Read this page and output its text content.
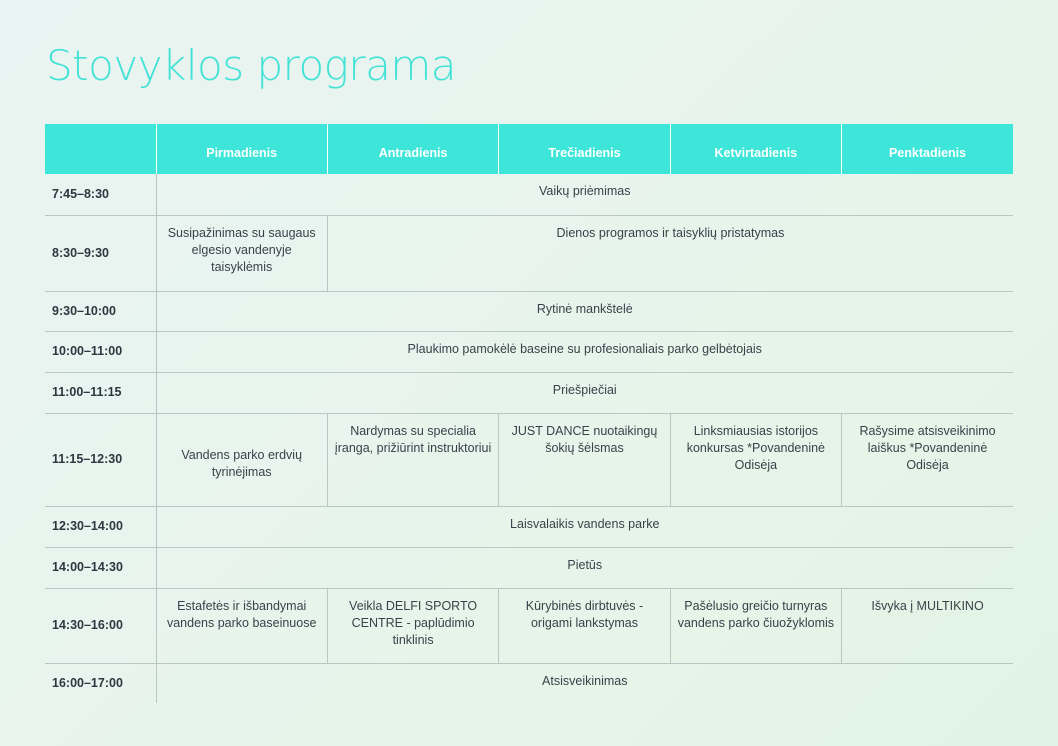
Stovyklos programa
	Pirmadienis	Antradienis	Trečiadienis	Ketvirtadienis	Penktadienis
7:45–8:30	Vaikų priėmimas				
8:30–9:30	Susipažinimas su saugaus elgesio vandenyje taisyklėmis	Dienos programos ir taisyklių pristatymas			
9:30–10:00	Rytinė mankštelė				
10:00–11:00	Plaukimo pamokėlė baseine su profesionaliais parko gelbėtojais				
11:00–11:15	Priešpiečiai				
11:15–12:30	Vandens parko erdvių tyrinėjimas	Nardymas su specialia įranga, prižiūrint instruktoriui	JUST DANCE nuotaikingų šokių šėlsmas	Linksmiausias istorijos konkursas *Povandeninė Odisėja	Rašysime atsisveikinimo laiškus *Povandeninė Odisėja
12:30–14:00	Laisvalaikis vandens parke				
14:00–14:30	Pietūs				
14:30–16:00	Estafetės ir išbandymai vandens parko baseinuose	Veikla DELFI SPORTO CENTRE - paplūdimio tinklinis	Kūrybinės dirbtuvės - origami lankstymas	Pašėlusio greičio turnyras vandens parko čiuožyklomis	Išvyka į MULTIKINO
16:00–17:00	Atsisveikinimas				
